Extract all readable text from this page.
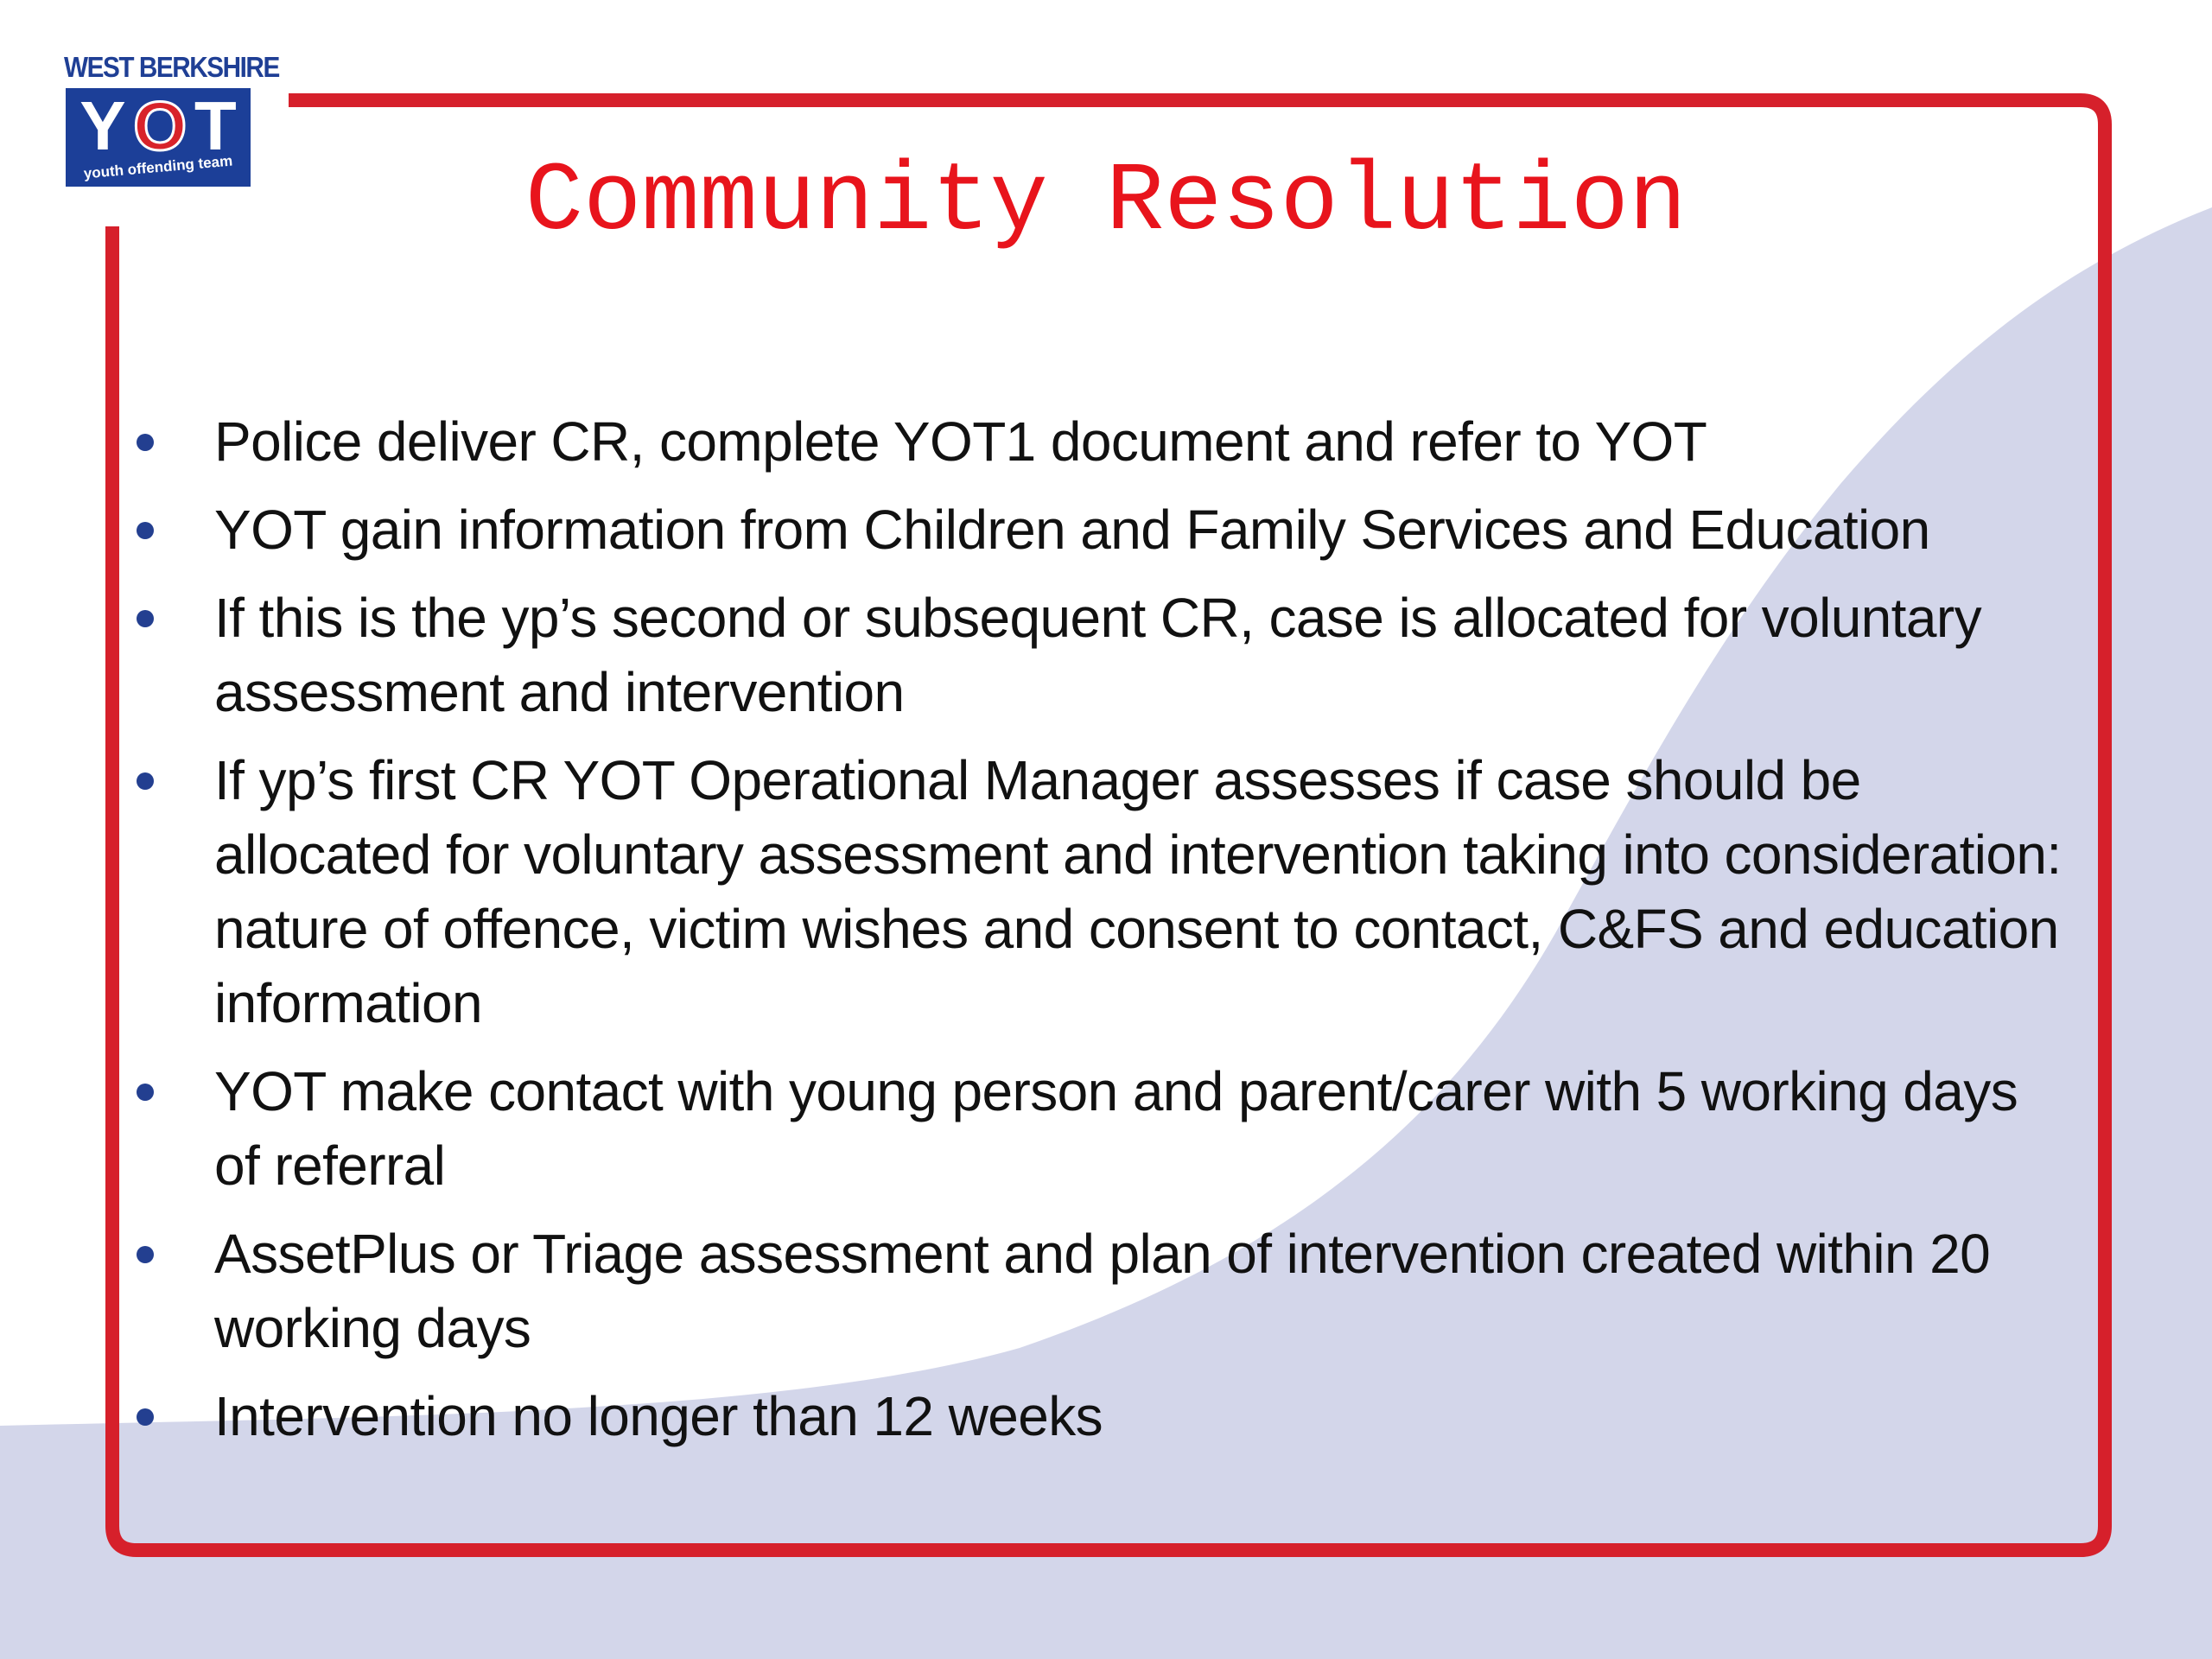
WEST BERKSHIRE
Y O T
youth offending team	Community Resolution
Police deliver CR, complete YOT1 document and refer to YOT
YOT gain information from Children and Family Services and Education
If this is the yp’s second or subsequent CR, case is allocated for voluntary assessment and intervention
If yp’s first CR YOT Operational Manager assesses if case should be allocated for voluntary assessment and intervention taking into consideration: nature of offence, victim wishes and consent to contact, C&FS and education information
YOT make contact with young person and parent/carer with 5 working days of referral
AssetPlus or Triage assessment and plan of intervention created within 20 working days
Intervention no longer than 12 weeks
